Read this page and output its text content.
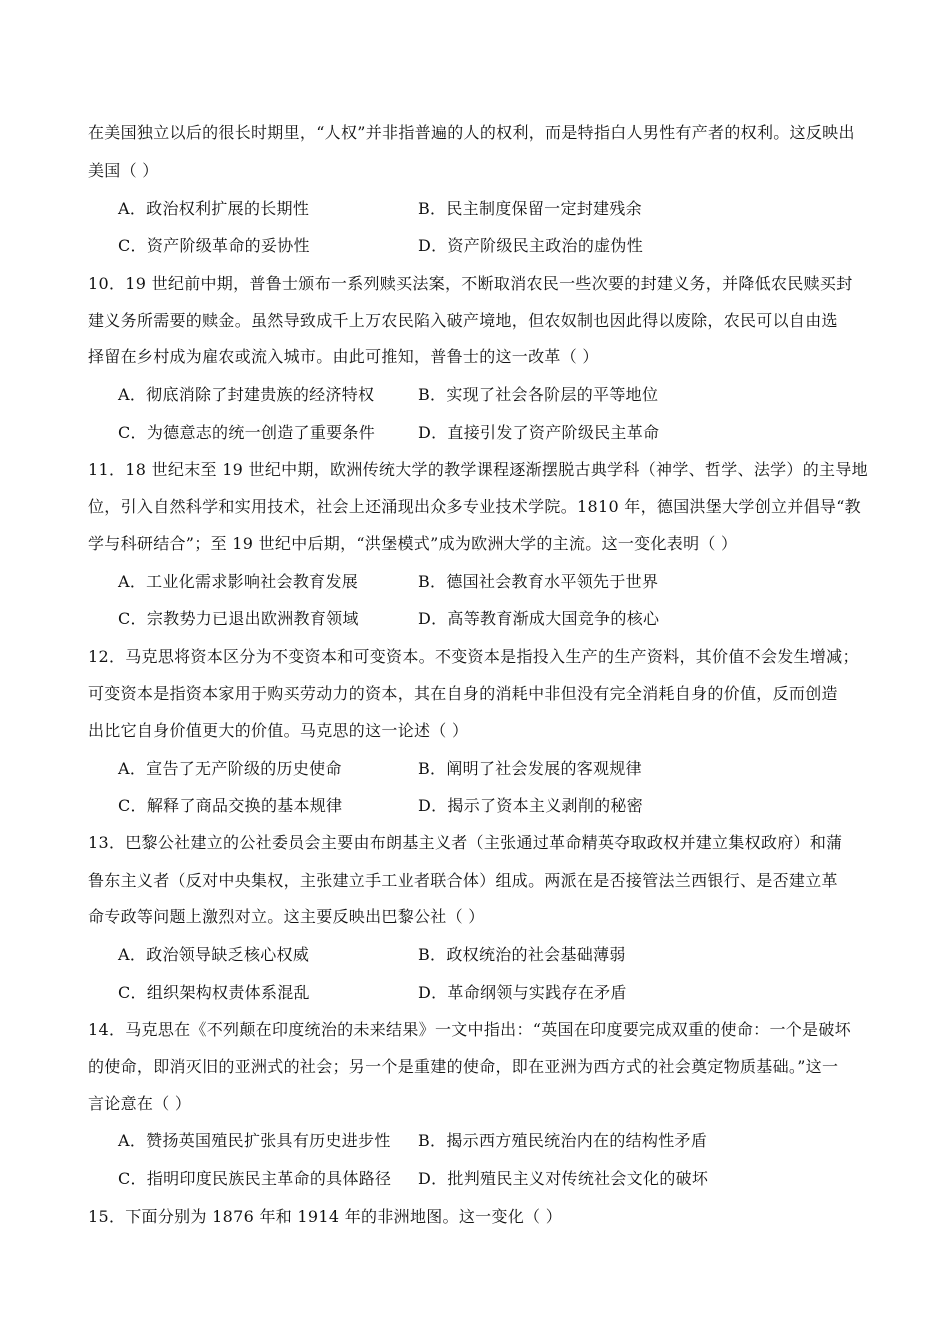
在美国独立以后的很长时期里，“人权”并非指普遍的人的权利，而是特指白人男性有产者的权利。这反映出
美国（ ）
A．政治权利扩展的长期性	B．民主制度保留一定封建残余
C．资产阶级革命的妥协性	D．资产阶级民主政治的虚伪性
10．19 世纪前中期，普鲁士颁布一系列赎买法案，不断取消农民一些次要的封建义务，并降低农民赎买封
建义务所需要的赎金。虽然导致成千上万农民陷入破产境地，但农奴制也因此得以废除，农民可以自由选
择留在乡村成为雇农或流入城市。由此可推知，普鲁士的这一改革（ ）
A．彻底消除了封建贵族的经济特权	B．实现了社会各阶层的平等地位
C．为德意志的统一创造了重要条件	D．直接引发了资产阶级民主革命
11．18 世纪末至 19 世纪中期，欧洲传统大学的教学课程逐渐摆脱古典学科（神学、哲学、法学）的主导地
位，引入自然科学和实用技术，社会上还涌现出众多专业技术学院。1810 年，德国洪堡大学创立并倡导“教
学与科研结合”；至 19 世纪中后期，“洪堡模式”成为欧洲大学的主流。这一变化表明（ ）
A．工业化需求影响社会教育发展	B．德国社会教育水平领先于世界
C．宗教势力已退出欧洲教育领域	D．高等教育渐成大国竞争的核心
12．马克思将资本区分为不变资本和可变资本。不变资本是指投入生产的生产资料，其价值不会发生增减；
可变资本是指资本家用于购买劳动力的资本，其在自身的消耗中非但没有完全消耗自身的价值，反而创造
出比它自身价值更大的价值。马克思的这一论述（ ）
A．宣告了无产阶级的历史使命	B．阐明了社会发展的客观规律
C．解释了商品交换的基本规律	D．揭示了资本主义剥削的秘密
13．巴黎公社建立的公社委员会主要由布朗基主义者（主张通过革命精英夺取政权并建立集权政府）和蒲
鲁东主义者（反对中央集权，主张建立手工业者联合体）组成。两派在是否接管法兰西银行、是否建立革
命专政等问题上激烈对立。这主要反映出巴黎公社（ ）
A．政治领导缺乏核心权威	B．政权统治的社会基础薄弱
C．组织架构权责体系混乱	D．革命纲领与实践存在矛盾
14．马克思在《不列颠在印度统治的未来结果》一文中指出：“英国在印度要完成双重的使命：一个是破坏
的使命，即消灭旧的亚洲式的社会；另一个是重建的使命，即在亚洲为西方式的社会奠定物质基础。”这一
言论意在（ ）
A．赞扬英国殖民扩张具有历史进步性 B．揭示西方殖民统治内在的结构性矛盾
C．指明印度民族民主革命的具体路径 D．批判殖民主义对传统社会文化的破坏
15．下面分别为 1876 年和 1914 年的非洲地图。这一变化（ ）
